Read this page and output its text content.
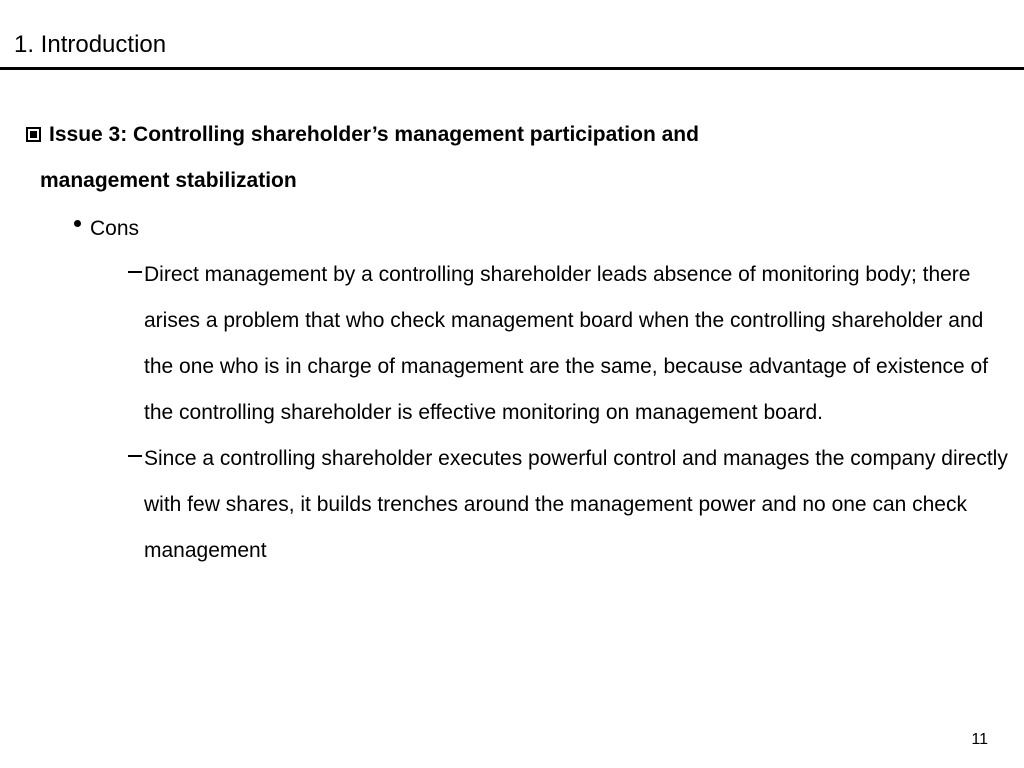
1. Introduction
Issue 3: Controlling shareholder’s management participation and
management stabilization
Cons
Direct management by a controlling shareholder leads absence of monitoring body; there arises a problem that who check management board when the controlling shareholder and the one who is in charge of management are the same, because advantage of existence of the controlling shareholder is effective monitoring on management board.
Since a controlling shareholder executes powerful control and manages the company directly with few shares, it builds trenches around the management power and no one can check management
11
